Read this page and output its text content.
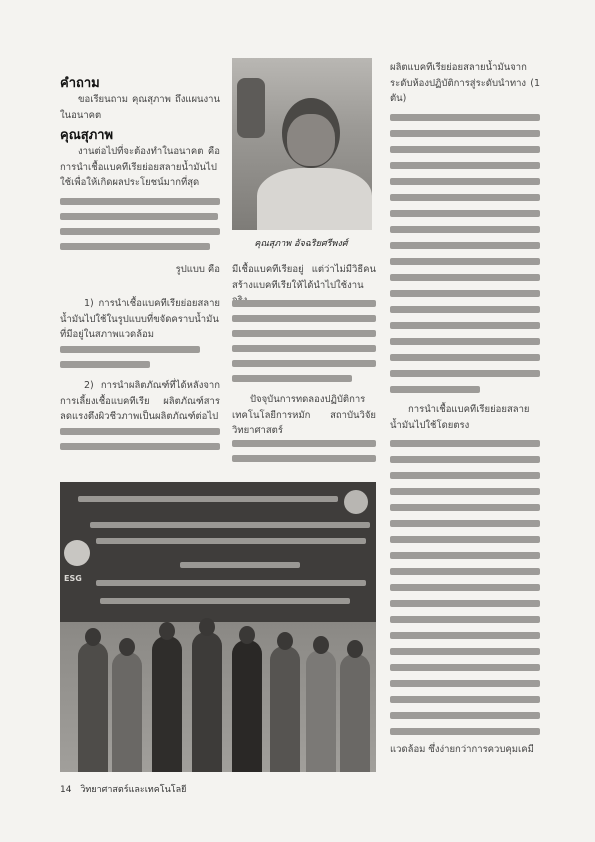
คำถาม
ขอเรียนถาม คุณสุภาพ ถึงแผนงานในอนาคต
คุณสุภาพ
งานต่อไปที่จะต้องทำในอนาคต คือ การนำเชื้อแบคทีเรียย่อยสลายน้ำมันไปใช้เพื่อให้เกิดผลประโยชน์มากที่สุด
รูปแบบ คือ
1) การนำเชื้อแบคทีเรียย่อยสลายน้ำมันไปใช้ในรูปแบบที่ขจัดคราบน้ำมันที่มีอยู่ในสภาพแวดล้อม
2) การนำผลิตภัณฑ์ที่ได้หลังจากการเลี้ยงเชื้อแบคทีเรีย ผลิตภัณฑ์สารลดแรงตึงผิวชีวภาพเป็นผลิตภัณฑ์ต่อไป
คุณสุภาพ อัจฉริยศรีพงศ์
มีเชื้อแบคทีเรียอยู่ แต่ว่าไม่มีวิธีคนสร้างแบคทีเรียให้ได้นำไปใช้งาน
ปัจจุบันการทดลองปฏิบัติการเทคโนโลยีการหมัก สถาบันวิจัยวิทยาศาสตร์
ESG
ผลิตแบคทีเรียย่อยสลายน้ำมันจากระดับห้องปฏิบัติการสู่ระดับนำทาง (1 ตัน)
การนำเชื้อแบคทีเรียย่อยสลายน้ำมันไปใช้โดยตรง
แวดล้อม ซึ่งง่ายกว่าการควบคุมเคมี
14 วิทยาศาสตร์และเทคโนโลยี
